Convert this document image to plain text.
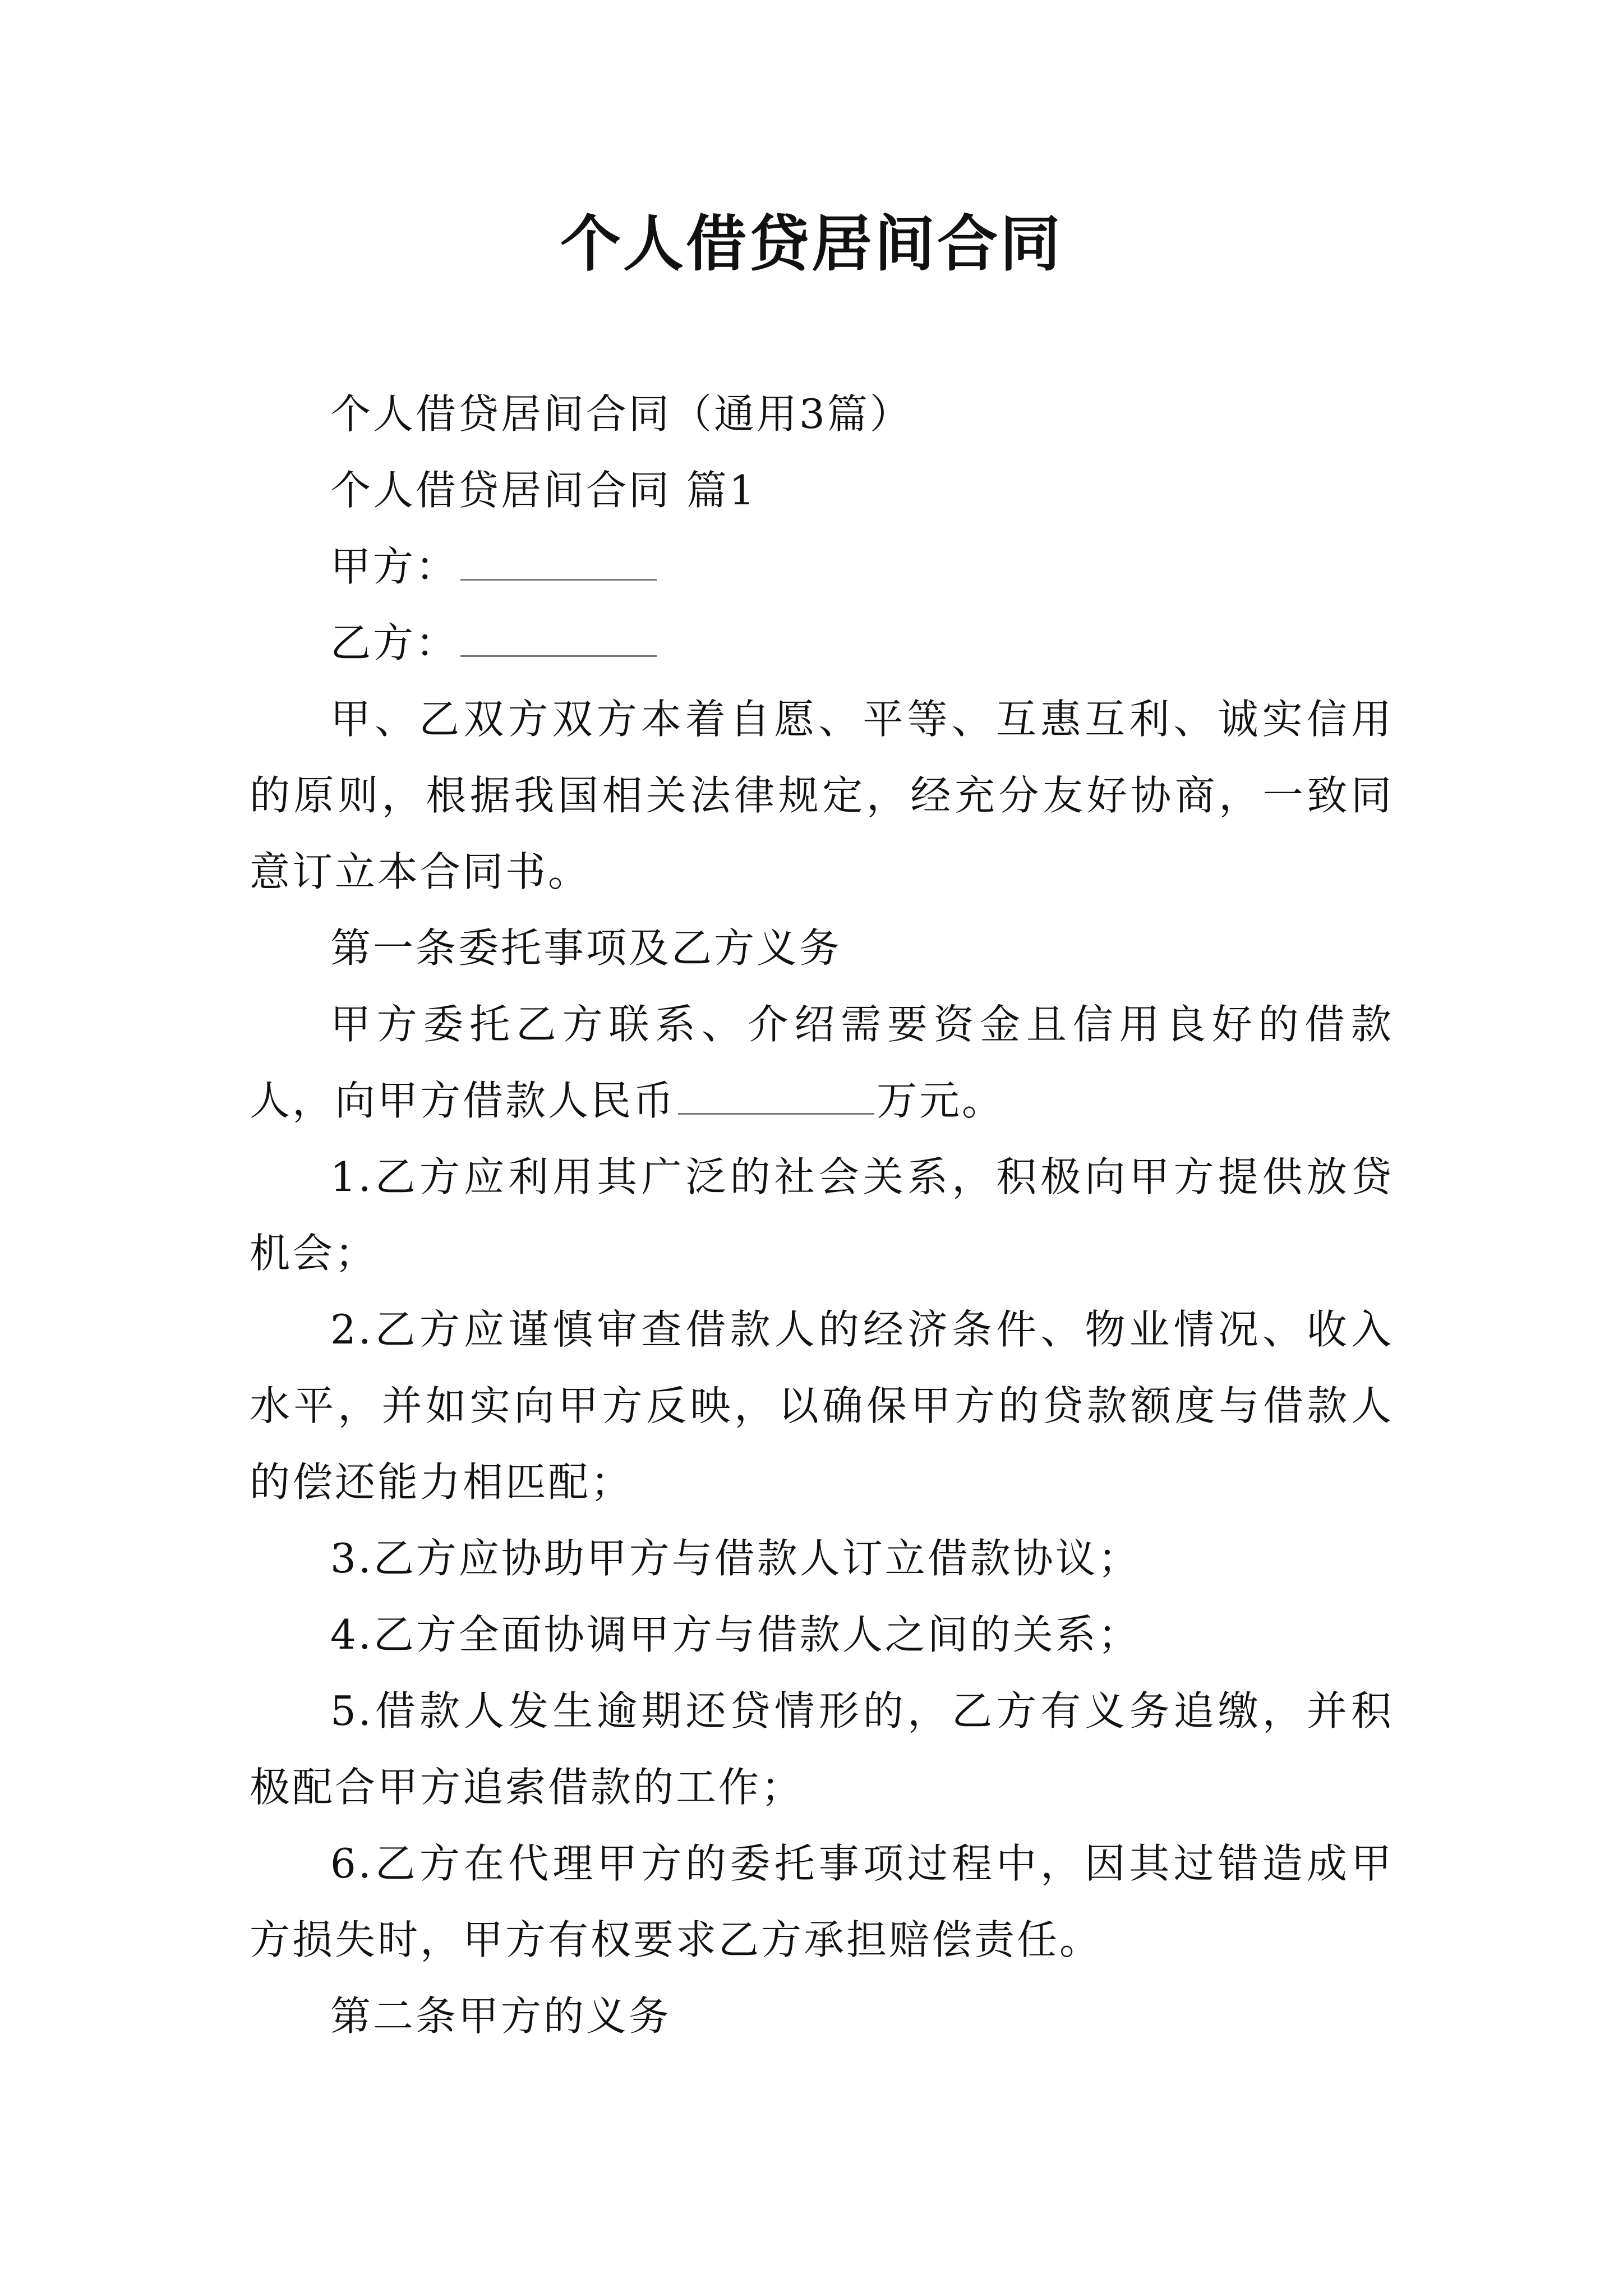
个人借贷居间合同

个人借贷居间合同（通用3篇）

个人借贷居间合同 篇1

甲方：

乙方：

甲、乙双方双方本着自愿、平等、互惠互利、诚实信用的原则，根据我国相关法律规定，经充分友好协商，一致同意订立本合同书。

第一条委托事项及乙方义务

甲方委托乙方联系、介绍需要资金且信用良好的借款人，向甲方借款人民币	万元。

1.乙方应利用其广泛的社会关系，积极向甲方提供放贷机会；

2.乙方应谨慎审查借款人的经济条件、物业情况、收入水平，并如实向甲方反映，以确保甲方的贷款额度与借款人的偿还能力相匹配；

3.乙方应协助甲方与借款人订立借款协议；

4.乙方全面协调甲方与借款人之间的关系；

5.借款人发生逾期还贷情形的，乙方有义务追缴，并积极配合甲方追索借款的工作；

6.乙方在代理甲方的委托事项过程中，因其过错造成甲方损失时，甲方有权要求乙方承担赔偿责任。

第二条甲方的义务
